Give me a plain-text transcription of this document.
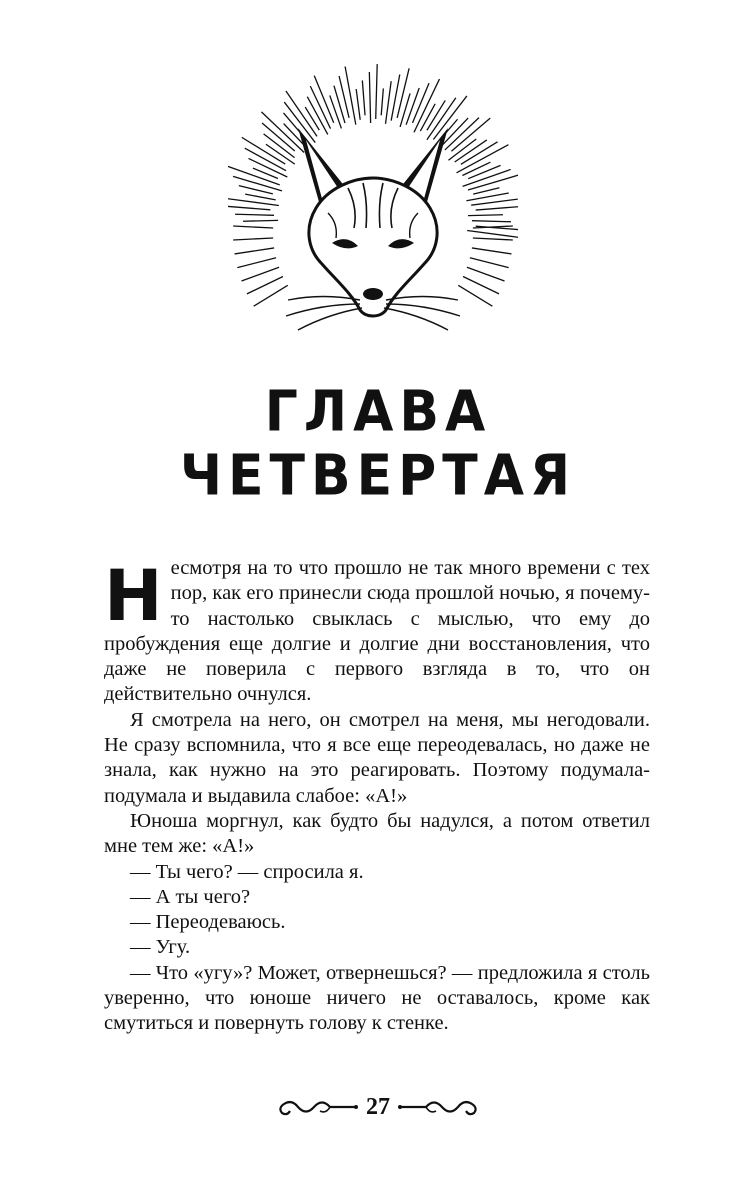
ГЛАВА
ЧЕТВЕРТАЯ

Несмотря на то что прошло не так много времени с тех пор, как его принесли сюда прошлой ночью, я почему-то настолько свыклась с мыслью, что ему до пробуждения еще долгие и долгие дни восстановления, что даже не поверила с первого взгляда в то, что он действительно очнулся.

Я смотрела на него, он смотрел на меня, мы негодовали. Не сразу вспомнила, что я все еще переодевалась, но даже не знала, как нужно на это реагировать. Поэтому подумала-подумала и выдавила слабое: «А!»

Юноша моргнул, как будто бы надулся, а потом ответил мне тем же: «А!»

— Ты чего? — спросила я.

— А ты чего?

— Переодеваюсь.

— Угу.

— Что «угу»? Может, отвернешься? — предложила я столь уверенно, что юноше ничего не оставалось, кроме как смутиться и повернуть голову к стенке.

27
